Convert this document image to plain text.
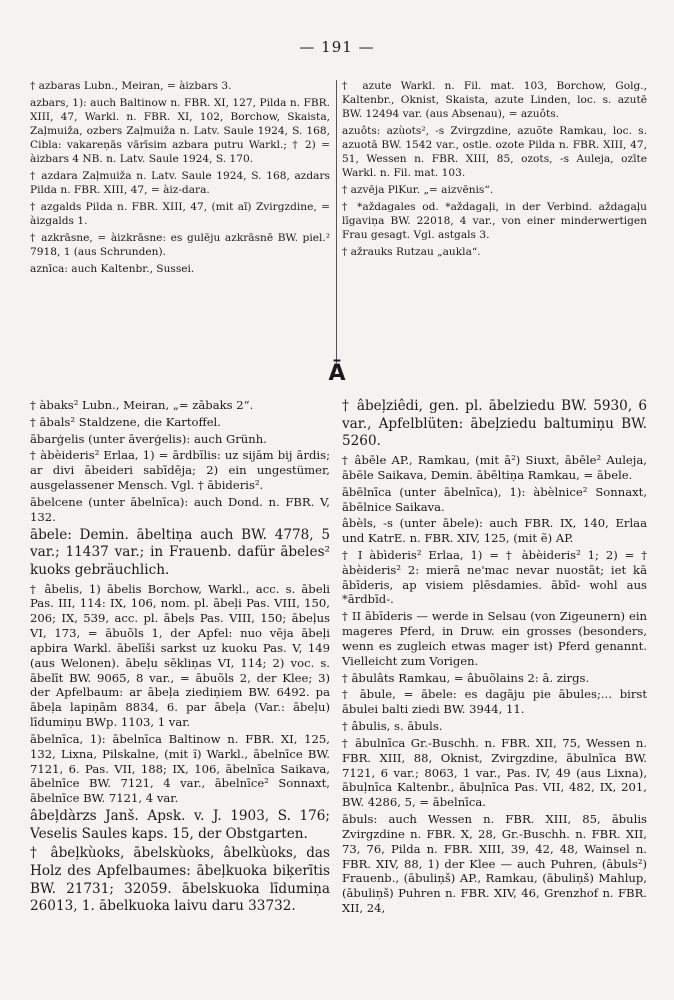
— 191 —

† azbaras Lubn., Meiran, = àizbars 3.

azbars, 1): auch Baltinow n. FBR. XI, 127, Pilda n. FBR. XIII, 47, Warkl. n. FBR. XI, 102, Borchow, Skaista, Zaļmuiža, ozbers Zaļmuiža n. Latv. Saule 1924, S. 168, Cibla: vakareņās vārīsim azbara putru Warkl.; † 2) = àizbars 4 NB. n. Latv. Saule 1924, S. 170.

† azdara Zaļmuiža n. Latv. Saule 1924, S. 168, azdars Pilda n. FBR. XIII, 47, = àiz-dara.

† azgalds Pilda n. FBR. XIII, 47, (mit aĩ) Zvirgzdine, = àizgalds 1.

† azkrāsne, = àizkrāsne: es gulēju azkrāsnē BW. piel.² 7918, 1 (aus Schrunden).

aznīca: auch Kaltenbr., Sussei.

† azute Warkl. n. Fil. mat. 103, Borchow, Golg., Kaltenbr., Oknist, Skaista, azute Linden, loc. s. azutē BW. 12494 var. (aus Absenau), = azuôts.

azuôts: azùots², -s Zvirgzdine, azuõte Ramkau, loc. s. azuotā BW. 1542 var., ostle. ozote Pilda n. FBR. XIII, 47, 51, Wessen n. FBR. XIII, 85, ozots, -s Auleja, ozīte Warkl. n. Fil. mat. 103.

† azvēja PlKur. „= aizvēnis“.

† *aždagales od. *aždagaļi, in der Verbind. aždagaļu līgaviņa BW. 22018, 4 var., von einer minderwertigen Frau gesagt. Vgl. astgals 3.

† ažrauks Rutzau „aukla“.

Ā

† àbaks² Lubn., Meiran, „= zābaks 2“.

† ābals² Staldzene, die Kartoffel.

ābarģelis (unter āverģelis): auch Grünh.

† àbèideris² Erlaa, 1) = ārdbīlis: uz sijām bij ārdis; ar divi ābeideri sabīdēja; 2) ein ungestümer, ausgelassener Mensch. Vgl. † ābideris².

ābelcene (unter ābelnīca): auch Dond. n. FBR. V, 132.

ābele: Demin. ābeltiņa auch BW. 4778, 5 var.; 11437 var.; in Frauenb. dafür ābeles² kuoks gebräuchlich.

† âbelis, 1) ābelis Borchow, Warkl., acc. s. ābeli Pas. III, 114: IX, 106, nom. pl. ābeļi Pas. VIII, 150, 206; IX, 539, acc. pl. ābeļs Pas. VIII, 150; ābeļus VI, 173, = ābuõls 1, der Apfel: nuo vēja ābeļi apbira Warkl. ābelīši sarkst uz kuoku Pas. V, 149 (aus Welonen). ābeļu sēkliņas VI, 114; 2) voc. s. ābelīt BW. 9065, 8 var., = ābuõls 2, der Klee; 3) der Apfelbaum: ar ābeļa ziediņiem BW. 6492. pa ābeļa lapiņām 8834, 6. par ābeļa (Var.: ābeļu) līdumiņu BWp. 1103, 1 var.

ābelnīca, 1): ābelnīca Baltinow n. FBR. XI, 125, 132, Lixna, Pilskalne, (mit ĩ) Warkl., ābelnīce BW. 7121, 6. Pas. VII, 188; IX, 106, ābelnīca Saikava, ābelnīce BW. 7121, 4 var., ābelnīce² Sonnaxt, ābelnīce BW. 7121, 4 var.

âbeļdàrzs Janš. Apsk. v. J. 1903, S. 176; Veselis Saules kaps. 15, der Obstgarten.

† âbeļkùoks, ābelskùoks, âbelkùoks, das Holz des Apfelbaumes: ābeļkuoka biķerītis BW. 21731; 32059. ābelskuoka līdumiņa 26013, 1. ābelkuoka laivu daru 33732.

† âbeļziêdi, gen. pl. ābelziedu BW. 5930, 6 var., Apfelblüten: ābeļziedu baltumiņu BW. 5260.

† âbēle AP., Ramkau, (mit ā²) Siuxt, ābēle² Auleja, ābēle Saikava, Demin. ābēltiņa Ramkau, = ābele.

ābēlnīca (unter ābelnīca), 1): àbèlnice² Sonnaxt, ābēlnice Saikava.

âbèls, -s (unter ābele): auch FBR. IX, 140, Erlaa und KatrE. n. FBR. XIV, 125, (mit ẽ) AP.

† I àbìderis² Erlaa, 1) = † àbèideris² 1; 2) = † àbèideris² 2: mierā ne'mac nevar nuostāt; iet kā ābīderis, ap visiem plēsdamies. ābīd- wohl aus *ārdbīd-.

† II ābīderis — werde in Selsau (von Zigeunern) ein mageres Pferd, in Druw. ein grosses (besonders, wenn es zugleich etwas mager ist) Pferd genannt. Vielleicht zum Vorigen.

† ābulâts Ramkau, = âbuõlains 2: ā. zirgs.

† ābule, = ābele: es dagāju pie ābules;... birst ābulei balti ziedi BW. 3944, 11.

† âbulis, s. ābuls.

† ābulnīca Gr.-Buschh. n. FBR. XII, 75, Wessen n. FBR. XIII, 88, Oknist, Zvirgzdine, ābulnīca BW. 7121, 6 var.; 8063, 1 var., Pas. IV, 49 (aus Lixna), ābuļnīca Kaltenbr., ābuļnīca Pas. VII, 482, IX, 201, BW. 4286, 5, = ābelnīca.

ābuls: auch Wessen n. FBR. XIII, 85, ābulis Zvirgzdine n. FBR. X, 28, Gr.-Buschh. n. FBR. XII, 73, 76, Pilda n. FBR. XIII, 39, 42, 48, Wainsel n. FBR. XIV, 88, 1) der Klee — auch Puhren, (ābuls²) Frauenb., (ābuliņš) AP., Ramkau, (ābuliņš) Mahlup, (ābuliņš) Puhren n. FBR. XIV, 46, Grenzhof n. FBR. XII, 24,
